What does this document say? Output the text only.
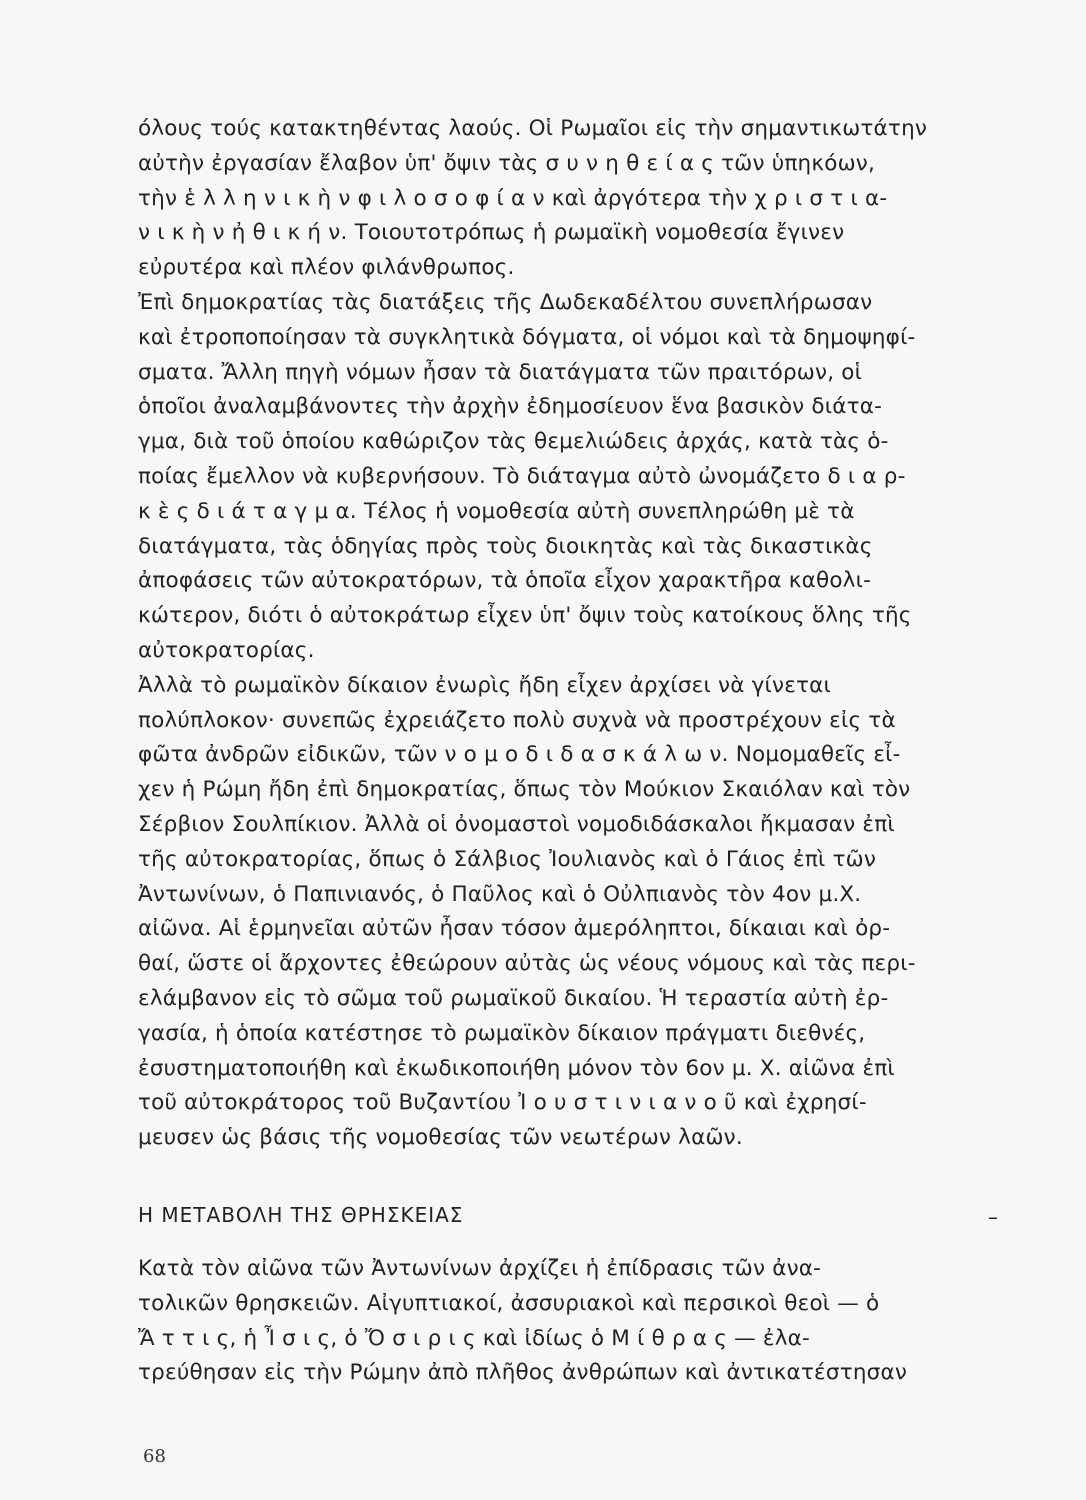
όλους τούς κατακτηθέντας λαούς. Οἱ Ρωμαῖοι εἰς τὴν σημαντικωτάτην
αὐτὴν ἐργασίαν ἔλαβον ὑπ' ὄψιν τὰς σ υ ν η θ ε ί α ς τῶν ὑπηκόων,
τὴν ἑ λ λ η ν ι κ ὴ ν φ ι λ ο σ ο φ ί α ν καὶ ἀργότερα τὴν χ ρ ι σ τ ι α-
ν ι κ ὴ ν ἠ θ ι κ ή ν. Τοιουτοτρόπως ἡ ρωμαϊκὴ νομοθεσία ἔγινεν
εὐρυτέρα καὶ πλέον φιλάνθρωπος.
Ἐπὶ δημοκρατίας τὰς διατάξεις τῆς Δωδεκαδέλτου συνεπλήρωσαν
καὶ ἐτροποποίησαν τὰ συγκλητικὰ δόγματα, οἱ νόμοι καὶ τὰ δημοψηφί-
σματα. Ἄλλη πηγὴ νόμων ἦσαν τὰ διατάγματα τῶν πραιτόρων, οἱ
ὁποῖοι ἀναλαμβάνοντες τὴν ἀρχὴν ἐδημοσίευον ἕνα βασικὸν διάτα-
γμα, διὰ τοῦ ὁποίου καθώριζον τὰς θεμελιώδεις ἀρχάς, κατὰ τὰς ὁ-
ποίας ἔμελλον νὰ κυβερνήσουν. Τὸ διάταγμα αὐτὸ ὠνομάζετο δ ι α ρ-
κ ὲ ς δ ι ά τ α γ μ α. Τέλος ἡ νομοθεσία αὐτὴ συνεπληρώθη μὲ τὰ
διατάγματα, τὰς ὁδηγίας πρὸς τοὺς διοικητὰς καὶ τὰς δικαστικὰς
ἀποφάσεις τῶν αὐτοκρατόρων, τὰ ὁποῖα εἶχον χαρακτῆρα καθολι-
κώτερον, διότι ὁ αὐτοκράτωρ εἶχεν ὑπ' ὄψιν τοὺς κατοίκους ὅλης τῆς
αὐτοκρατορίας.
Ἀλλὰ τὸ ρωμαϊκὸν δίκαιον ἐνωρὶς ἤδη εἶχεν ἀρχίσει νὰ γίνεται
πολύπλοκον· συνεπῶς ἐχρειάζετο πολὺ συχνὰ νὰ προστρέχουν εἰς τὰ
φῶτα ἀνδρῶν εἰδικῶν, τῶν ν ο μ ο δ ι δ α σ κ ά λ ω ν. Νομομαθεῖς εἶ-
χεν ἡ Ρώμη ἤδη ἐπὶ δημοκρατίας, ὅπως τὸν Μούκιον Σκαιόλαν καὶ τὸν
Σέρβιον Σουλπίκιον. Ἀλλὰ οἱ ὀνομαστοὶ νομοδιδάσκαλοι ἤκμασαν ἐπὶ
τῆς αὐτοκρατορίας, ὅπως ὁ Σάλβιος Ἰουλιανὸς καὶ ὁ Γάιος ἐπὶ τῶν
Ἀντωνίνων, ὁ Παπινιανός, ὁ Παῦλος καὶ ὁ Οὐλπιανὸς τὸν 4ον μ.Χ.
αἰῶνα. Αἱ ἑρμηνεῖαι αὐτῶν ἦσαν τόσον ἀμερόληπτοι, δίκαιαι καὶ ὀρ-
θαί, ὥστε οἱ ἄρχοντες ἐθεώρουν αὐτὰς ὡς νέους νόμους καὶ τὰς περι-
ελάμβανον εἰς τὸ σῶμα τοῦ ρωμαϊκοῦ δικαίου. Ἡ τεραστία αὐτὴ ἐρ-
γασία, ἡ ὁποία κατέστησε τὸ ρωμαϊκὸν δίκαιον πράγματι διεθνές,
ἐσυστηματοποιήθη καὶ ἐκωδικοποιήθη μόνον τὸν 6ον μ. Χ. αἰῶνα ἐπὶ
τοῦ αὐτοκράτορος τοῦ Βυζαντίου Ἰ ο υ σ τ ι ν ι α ν ο ῦ καὶ ἐχρησί-
μευσεν ὡς βάσις τῆς νομοθεσίας τῶν νεωτέρων λαῶν.
Η ΜΕΤΑΒΟΛΗ ΤΗΣ ΘΡΗΣΚΕΙΑΣ	–
Κατὰ τὸν αἰῶνα τῶν Ἀντωνίνων ἀρχίζει ἡ ἐπίδρασις τῶν ἀνα-
τολικῶν θρησκειῶν. Αἰγυπτιακοί, ἀσσυριακοὶ καὶ περσικοὶ θεοὶ — ὁ
Ἄ τ τ ι ς, ἡ Ἶ σ ι ς, ὁ Ὄ σ ι ρ ι ς καὶ ἰδίως ὁ Μ ί θ ρ α ς — ἐλα-
τρεύθησαν εἰς τὴν Ρώμην ἀπὸ πλῆθος ἀνθρώπων καὶ ἀντικατέστησαν
68
